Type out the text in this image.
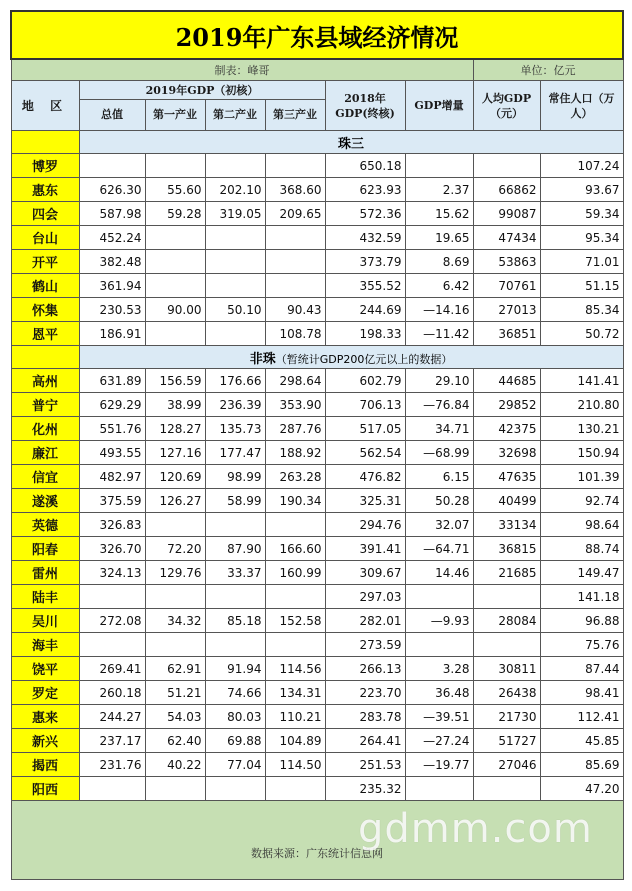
2019年广东县域经济情况								
制表：峰哥							单位：亿元	
地 区	2019年GDP（初核）				2018年GDP(终核)	GDP增量	人均GDP（元）	常住人口（万人）
	总值	第一产业	第二产业	第三产业				
	珠三							
博罗					650.18			107.24
惠东	626.30	55.60	202.10	368.60	623.93	2.37	66862	93.67
四会	587.98	59.28	319.05	209.65	572.36	15.62	99087	59.34
台山	452.24				432.59	19.65	47434	95.34
开平	382.48				373.79	8.69	53863	71.01
鹤山	361.94				355.52	6.42	70761	51.15
怀集	230.53	90.00	50.10	90.43	244.69	—14.16	27013	85.34
恩平	186.91			108.78	198.33	—11.42	36851	50.72
	非珠（暂统计GDP200亿元以上的数据）							
高州	631.89	156.59	176.66	298.64	602.79	29.10	44685	141.41
普宁	629.29	38.99	236.39	353.90	706.13	—76.84	29852	210.80
化州	551.76	128.27	135.73	287.76	517.05	34.71	42375	130.21
廉江	493.55	127.16	177.47	188.92	562.54	—68.99	32698	150.94
信宜	482.97	120.69	98.99	263.28	476.82	6.15	47635	101.39
遂溪	375.59	126.27	58.99	190.34	325.31	50.28	40499	92.74
英德	326.83				294.76	32.07	33134	98.64
阳春	326.70	72.20	87.90	166.60	391.41	—64.71	36815	88.74
雷州	324.13	129.76	33.37	160.99	309.67	14.46	21685	149.47
陆丰					297.03			141.18
吴川	272.08	34.32	85.18	152.58	282.01	—9.93	28084	96.88
海丰					273.59			75.76
饶平	269.41	62.91	91.94	114.56	266.13	3.28	30811	87.44
罗定	260.18	51.21	74.66	134.31	223.70	36.48	26438	98.41
惠来	244.27	54.03	80.03	110.21	283.78	—39.51	21730	112.41
新兴	237.17	62.40	69.88	104.89	264.41	—27.24	51727	45.85
揭西	231.76	40.22	77.04	114.50	251.53	—19.77	27046	85.69
阳西					235.32			47.20

数据来源：广东统计信息网								
gdmm.com
